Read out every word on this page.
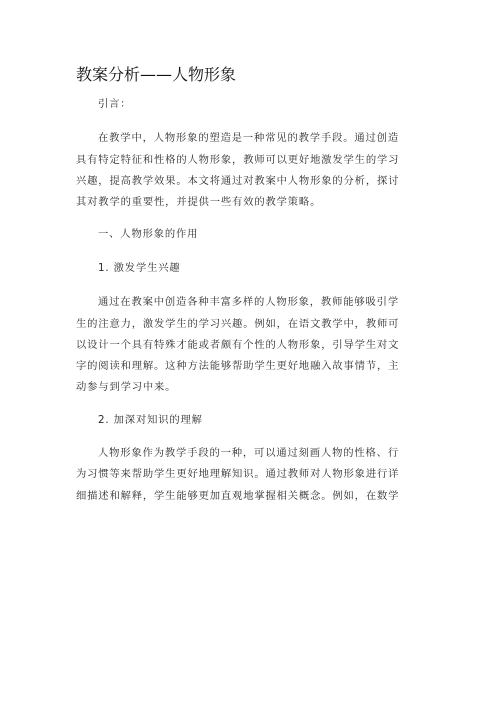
教案分析——人物形象
引言：
在教学中，人物形象的塑造是一种常见的教学手段。通过创造
具有特定特征和性格的人物形象，教师可以更好地激发学生的学习
兴趣，提高教学效果。本文将通过对教案中人物形象的分析，探讨
其对教学的重要性，并提供一些有效的教学策略。
一、人物形象的作用
1. 激发学生兴趣
通过在教案中创造各种丰富多样的人物形象，教师能够吸引学
生的注意力，激发学生的学习兴趣。例如，在语文教学中，教师可
以设计一个具有特殊才能或者颇有个性的人物形象，引导学生对文
字的阅读和理解。这种方法能够帮助学生更好地融入故事情节，主
动参与到学习中来。
2. 加深对知识的理解
人物形象作为教学手段的一种，可以通过刻画人物的性格、行
为习惯等来帮助学生更好地理解知识。通过教师对人物形象进行详
细描述和解释，学生能够更加直观地掌握相关概念。例如，在数学
